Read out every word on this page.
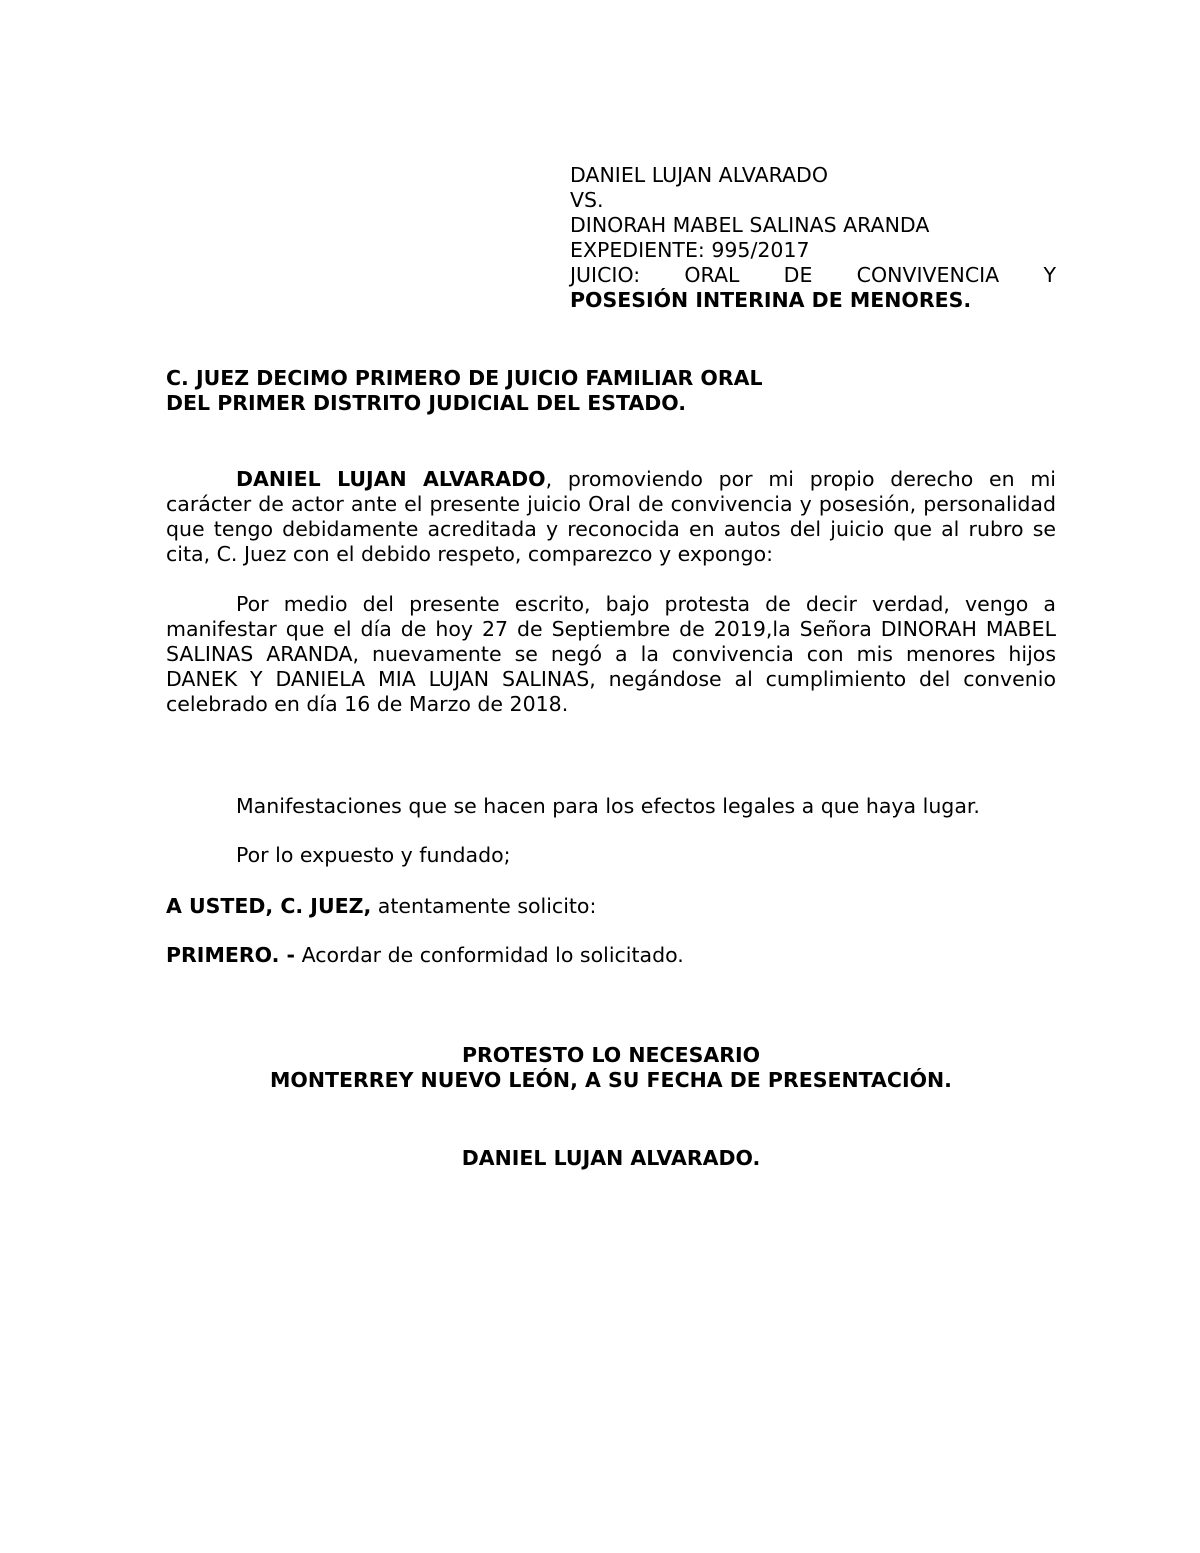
DANIEL LUJAN ALVARADO
VS.
DINORAH MABEL SALINAS ARANDA
EXPEDIENTE: 995/2017
JUICIO: ORAL DE CONVIVENCIA Y
POSESIÓN INTERINA DE MENORES.
C. JUEZ DECIMO PRIMERO DE JUICIO FAMILIAR ORAL
DEL PRIMER DISTRITO JUDICIAL DEL ESTADO.

DANIEL LUJAN ALVARADO, promoviendo por mi propio derecho en mi carácter de actor ante el presente juicio Oral de convivencia y posesión, personalidad que tengo debidamente acreditada y reconocida en autos del juicio que al rubro se cita, C. Juez con el debido respeto, comparezco y expongo:

Por medio del presente escrito, bajo protesta de decir verdad, vengo a manifestar que el día de hoy 27 de Septiembre de 2019,la Señora DINORAH MABEL SALINAS ARANDA, nuevamente se negó a la convivencia con mis menores hijos DANEK Y DANIELA MIA LUJAN SALINAS, negándose al cumplimiento del convenio celebrado en día 16 de Marzo de 2018.

Manifestaciones que se hacen para los efectos legales a que haya lugar.

Por lo expuesto y fundado;

A USTED, C. JUEZ, atentamente solicito:

PRIMERO. - Acordar de conformidad lo solicitado.

PROTESTO LO NECESARIO
MONTERREY NUEVO LEÓN, A SU FECHA DE PRESENTACIÓN.
DANIEL LUJAN ALVARADO.
